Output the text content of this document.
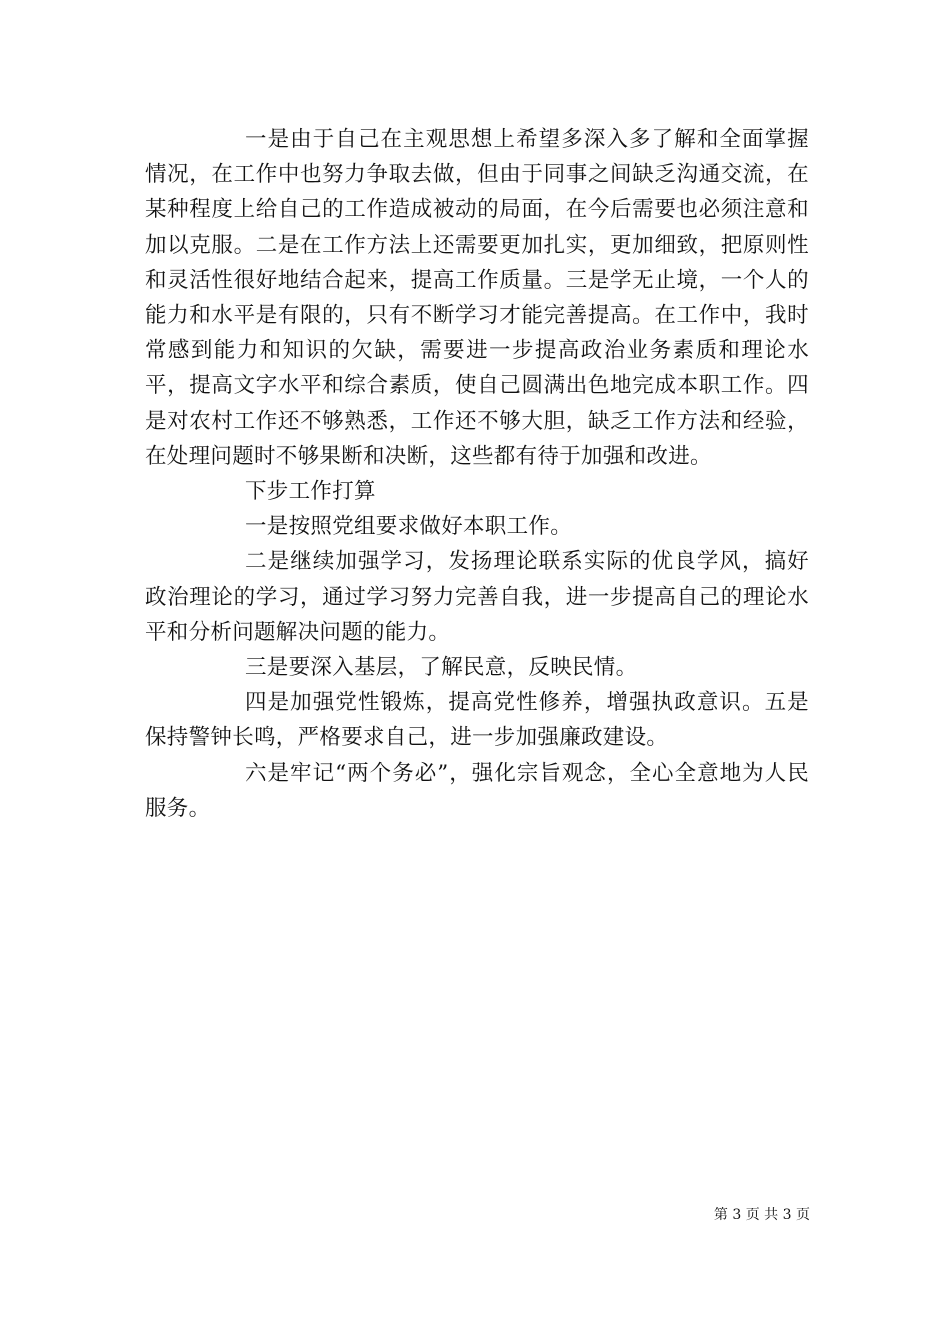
一是由于自己在主观思想上希望多深入多了解和全面掌握情况，在工作中也努力争取去做，但由于同事之间缺乏沟通交流，在某种程度上给自己的工作造成被动的局面，在今后需要也必须注意和加以克服。二是在工作方法上还需要更加扎实，更加细致，把原则性和灵活性很好地结合起来，提高工作质量。三是学无止境，一个人的能力和水平是有限的，只有不断学习才能完善提高。在工作中，我时常感到能力和知识的欠缺，需要进一步提高政治业务素质和理论水平，提高文字水平和综合素质，使自己圆满出色地完成本职工作。四是对农村工作还不够熟悉，工作还不够大胆，缺乏工作方法和经验，在处理问题时不够果断和决断，这些都有待于加强和改进。

下步工作打算

一是按照党组要求做好本职工作。

二是继续加强学习，发扬理论联系实际的优良学风，搞好政治理论的学习，通过学习努力完善自我，进一步提高自己的理论水平和分析问题解决问题的能力。

三是要深入基层，了解民意，反映民情。

四是加强党性锻炼，提高党性修养，增强执政意识。五是保持警钟长鸣，严格要求自己，进一步加强廉政建设。

六是牢记“两个务必”，强化宗旨观念，全心全意地为人民服务。

第 3 页 共 3 页
